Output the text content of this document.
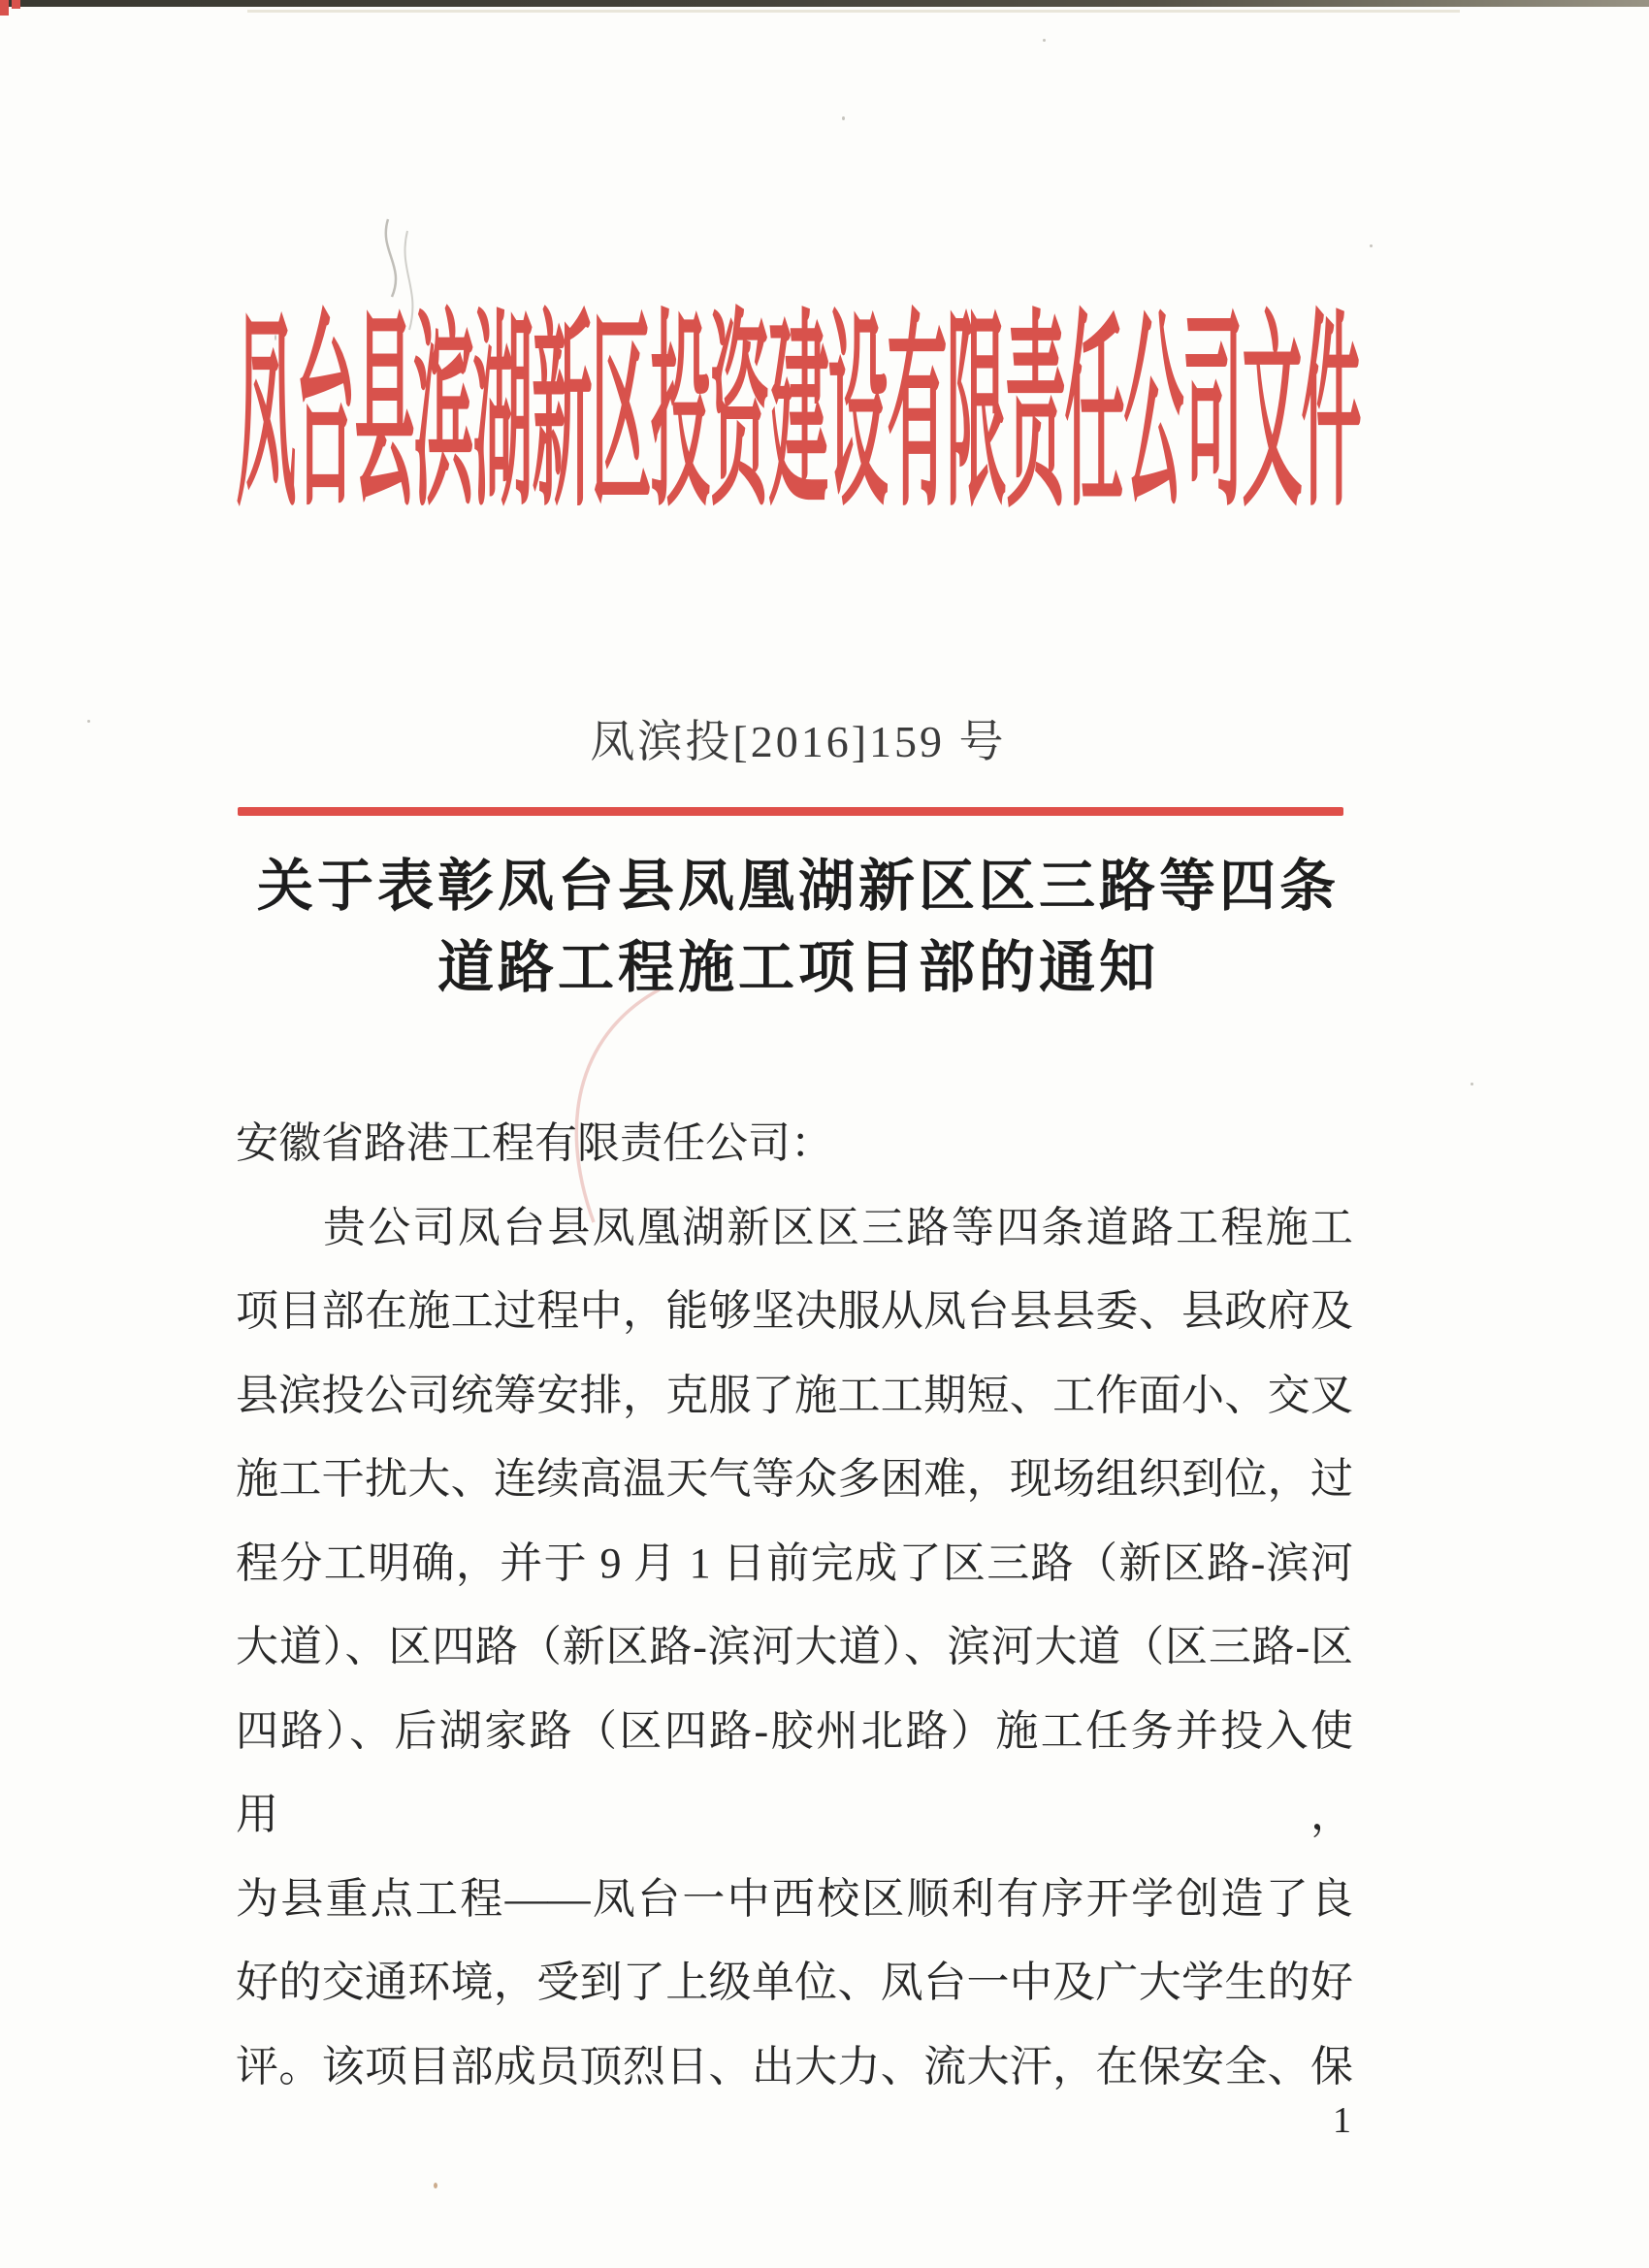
凤台县滨湖新区投资建设有限责任公司文件
凤滨投[2016]159 号
关于表彰凤台县凤凰湖新区区三路等四条
道路工程施工项目部的通知
安徽省路港工程有限责任公司：
贵公司凤台县凤凰湖新区区三路等四条道路工程施工
项目部在施工过程中，能够坚决服从凤台县县委、县政府及
县滨投公司统筹安排，克服了施工工期短、工作面小、交叉
施工干扰大、连续高温天气等众多困难，现场组织到位，过
程分工明确，并于 9 月 1 日前完成了区三路（新区路-滨河
大道）、区四路（新区路-滨河大道）、滨河大道（区三路-区
四路）、后湖家路（区四路-胶州北路）施工任务并投入使用，
为县重点工程——凤台一中西校区顺利有序开学创造了良
好的交通环境，受到了上级单位、凤台一中及广大学生的好
评。该项目部成员顶烈日、出大力、流大汗，在保安全、保
1
